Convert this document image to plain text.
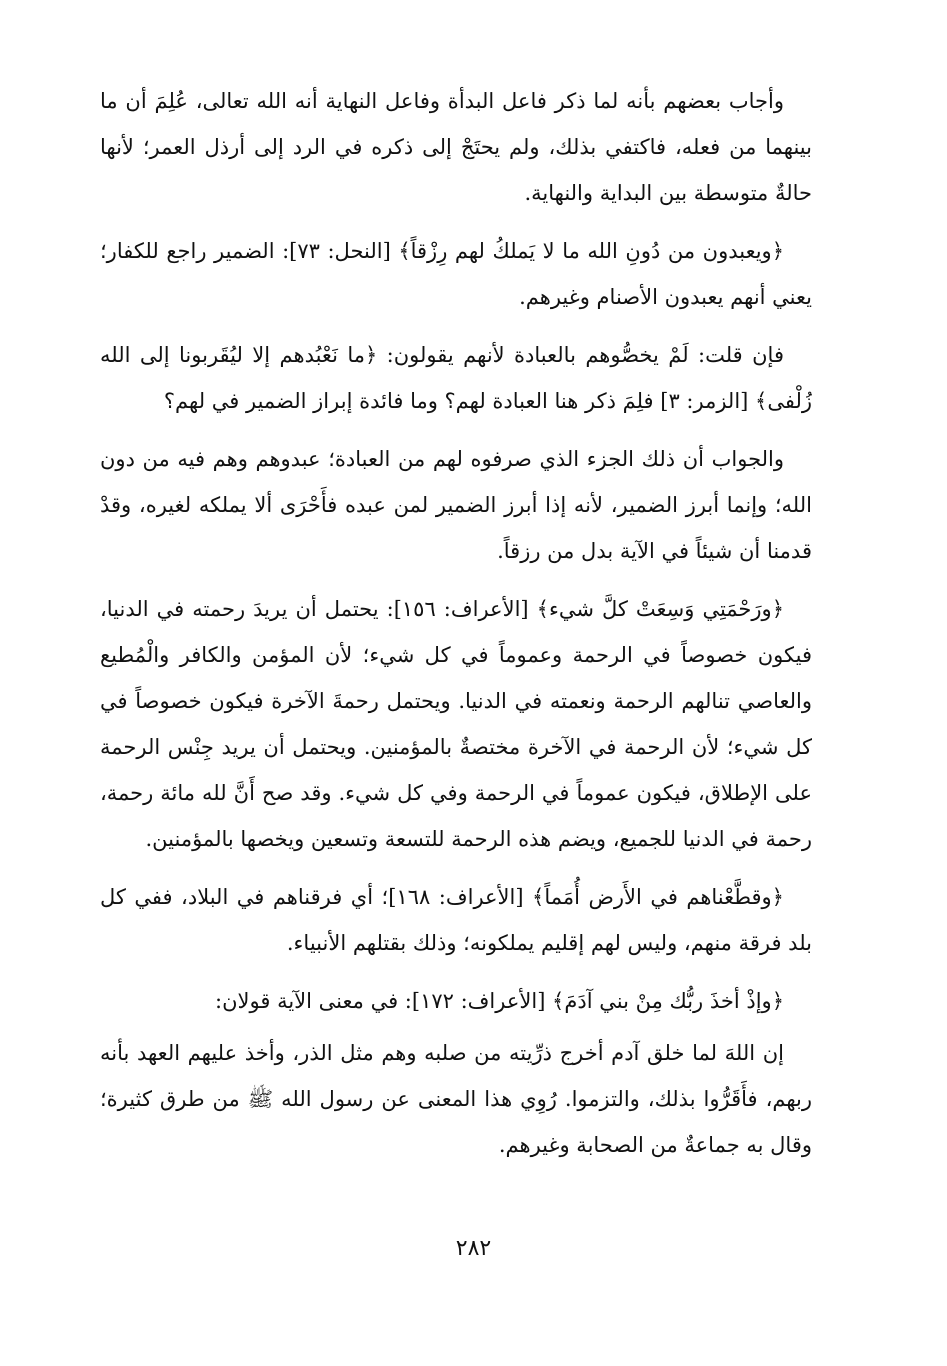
وأجاب بعضهم بأنه لما ذكر فاعل البدأة وفاعل النهاية أنه الله تعالى، عُلِمَ أن ما بينهما من فعله، فاكتفي بذلك، ولم يحتَجْ إلى ذكره في الرد إلى أرذل العمر؛ لأنها حالةٌ متوسطة بين البداية والنهاية.

﴿ويعبدون من دُونِ الله ما لا يَملكُ لهم رِزْقاً﴾ [النحل: ٧٣]: الضمير راجع للكفار؛ يعني أنهم يعبدون الأصنام وغيرهم.

فإن قلت: لَمْ يخصُّوهم بالعبادة لأنهم يقولون: ﴿ما نَعْبُدهم إلا ليُقَربونا إلى الله زُلْفى﴾ [الزمر: ٣] فلِمَ ذكر هنا العبادة لهم؟ وما فائدة إبراز الضمير في لهم؟

والجواب أن ذلك الجزء الذي صرفوه لهم من العبادة؛ عبدوهم وهم فيه من دون الله؛ وإنما أبرز الضمير، لأنه إذا أبرز الضمير لمن عبده فأَحْرَى ألا يملكه لغيره، وقدْ قدمنا أن شيئاً في الآية بدل من رزقاً.

﴿ورَحْمَتِي وَسِعَتْ كلَّ شيء﴾ [الأعراف: ١٥٦]: يحتمل أن يريدَ رحمته في الدنيا، فيكون خصوصاً في الرحمة وعموماً في كل شيء؛ لأن المؤمن والكافر والْمُطيع والعاصي تنالهم الرحمة ونعمته في الدنيا. ويحتمل رحمةَ الآخرة فيكون خصوصاً في كل شيء؛ لأن الرحمة في الآخرة مختصةٌ بالمؤمنين. ويحتمل أن يريد جِنْس الرحمة على الإطلاق، فيكون عموماً في الرحمة وفي كل شيء. وقد صح أَنَّ لله مائة رحمة، رحمة في الدنيا للجميع، ويضم هذه الرحمة للتسعة وتسعين ويخصها بالمؤمنين.

﴿وقطَّعْناهم في الأَرض أُمَماً﴾ [الأعراف: ١٦٨]؛ أي فرقناهم في البلاد، ففي كل بلد فرقة منهم، وليس لهم إقليم يملكونه؛ وذلك بقتلهم الأنبياء.

﴿وإذْ أخذَ ربُّك مِنْ بني آدَمَ﴾ [الأعراف: ١٧٢]: في معنى الآية قولان:

إن اللهَ لما خلق آدم أخرج ذرِّيته من صلبه وهم مثل الذر، وأخذ عليهم العهد بأنه ربهم، فأَقَرُّوا بذلك، والتزموا. رُوِي هذا المعنى عن رسول الله ﷺ من طرق كثيرة؛ وقال به جماعةٌ من الصحابة وغيرهم.

٢٨٢
